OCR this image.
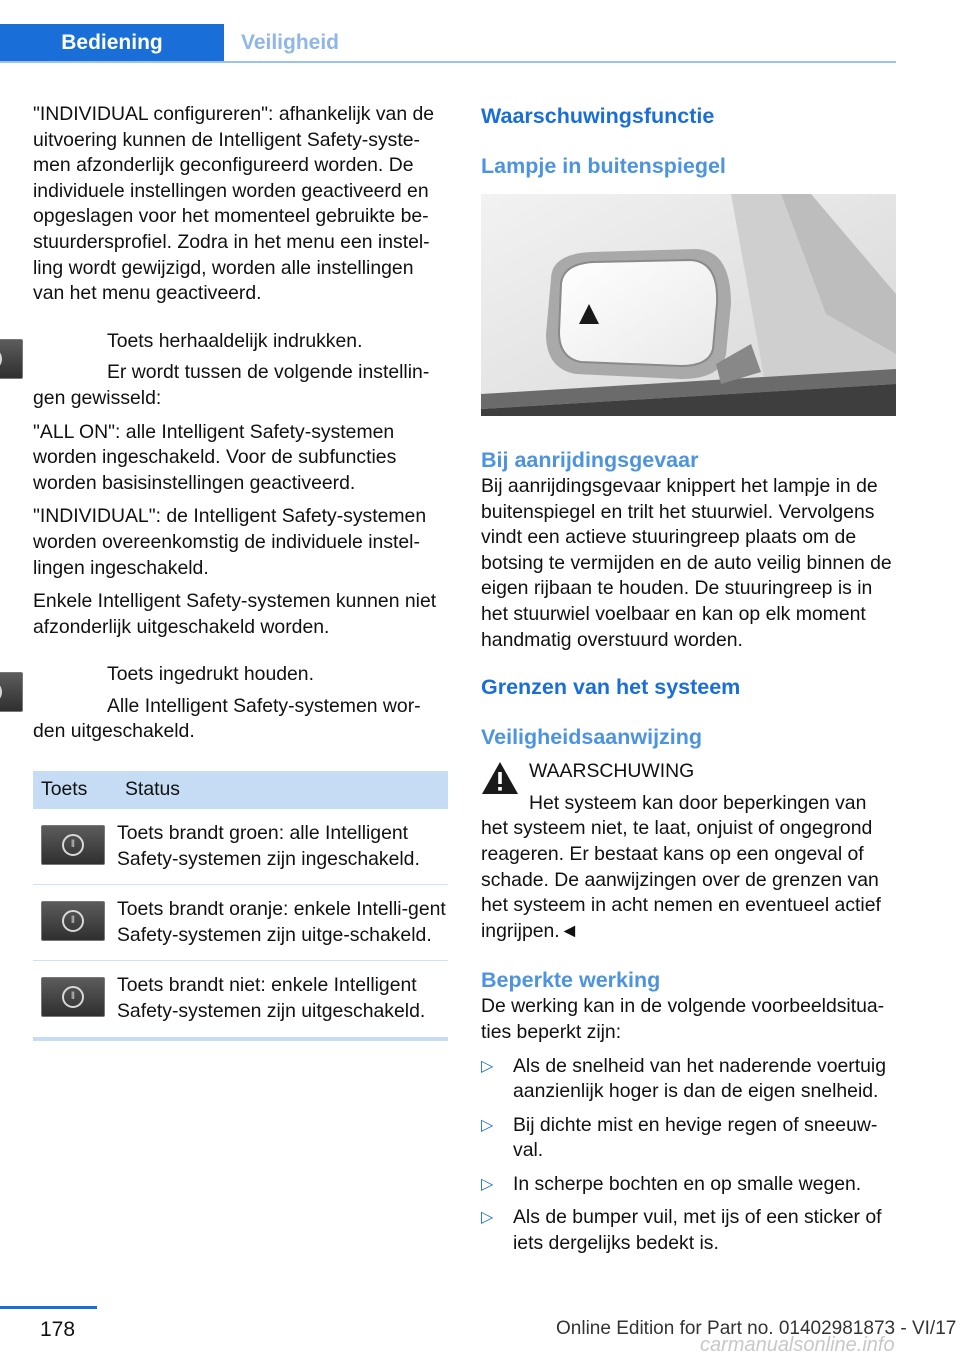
Bediening	Veiligheid

"INDIVIDUAL configureren": afhankelijk van de uitvoering kunnen de Intelligent Safety-syste-men afzonderlijk geconfigureerd worden. De individuele instellingen worden geactiveerd en opgeslagen voor het momenteel gebruikte be-stuurdersprofiel. Zodra in het menu een instel-ling wordt gewijzigd, worden alle instellingen van het menu geactiveerd.

Toets herhaaldelijk indrukken.

Er wordt tussen de volgende instellin-gen gewisseld:

"ALL ON": alle Intelligent Safety-systemen worden ingeschakeld. Voor de subfuncties worden basisinstellingen geactiveerd.

"INDIVIDUAL": de Intelligent Safety-systemen worden overeenkomstig de individuele instel-lingen ingeschakeld.

Enkele Intelligent Safety-systemen kunnen niet afzonderlijk uitgeschakeld worden.

Toets ingedrukt houden.

Alle Intelligent Safety-systemen wor-den uitgeschakeld.

Toets	Status
ǁ
Toets brandt groen: alle Intelligent Safety-systemen zijn ingeschakeld.
ǁ
Toets brandt oranje: enkele Intelli-gent Safety-systemen zijn uitge-schakeld.
ǁ
Toets brandt niet: enkele Intelligent Safety-systemen zijn uitgeschakeld.
Waarschuwingsfunctie
Lampje in buitenspiegel
Bij aanrijdingsgevaar

Bij aanrijdingsgevaar knippert het lampje in de buitenspiegel en trilt het stuurwiel. Vervolgens vindt een actieve stuuringreep plaats om de botsing te vermijden en de auto veilig binnen de eigen rijbaan te houden. De stuuringreep is in het stuurwiel voelbaar en kan op elk moment handmatig overstuurd worden.

Grenzen van het systeem
Veiligheidsaanwijzing

WAARSCHUWING

Het systeem kan door beperkingen van

het systeem niet, te laat, onjuist of ongegrond reageren. Er bestaat kans op een ongeval of schade. De aanwijzingen over de grenzen van het systeem in acht nemen en eventueel actief ingrijpen.◄

Beperkte werking

De werking kan in de volgende voorbeeldsitua-ties beperkt zijn:

▷ Als de snelheid van het naderende voertuig aanzienlijk hoger is dan de eigen snelheid.
▷ Bij dichte mist en hevige regen of sneeuw-val.
▷ In scherpe bochten en op smalle wegen.
▷ Als de bumper vuil, met ijs of een sticker of iets dergelijks bedekt is.
178	Online Edition for Part no. 01402981873 - VI/17
carmanualsonline.info
